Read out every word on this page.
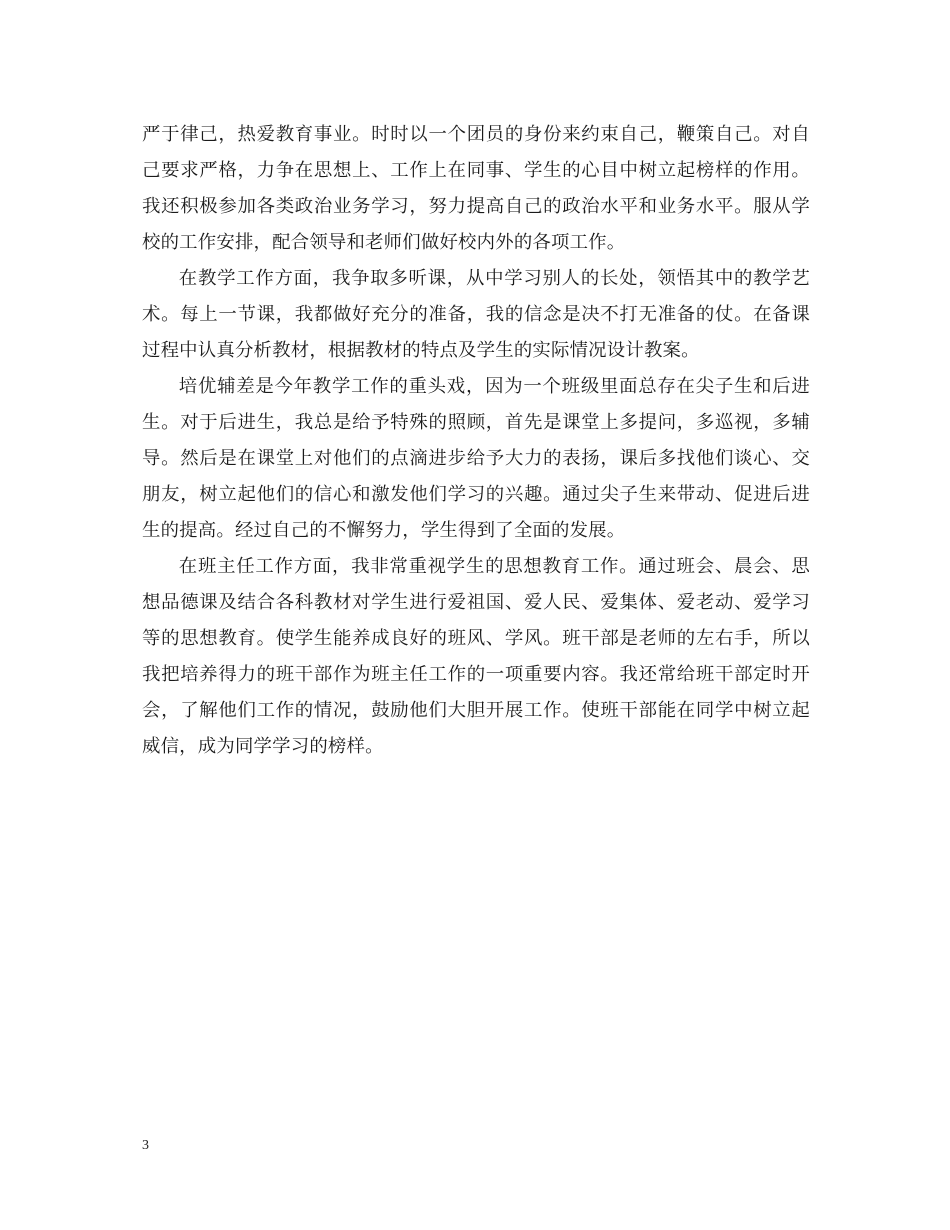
严于律己，热爱教育事业。时时以一个团员的身份来约束自己，鞭策自己。对自己要求严格，力争在思想上、工作上在同事、学生的心目中树立起榜样的作用。我还积极参加各类政治业务学习，努力提高自己的政治水平和业务水平。服从学校的工作安排，配合领导和老师们做好校内外的各项工作。

在教学工作方面，我争取多听课，从中学习别人的长处，领悟其中的教学艺术。每上一节课，我都做好充分的准备，我的信念是决不打无准备的仗。在备课过程中认真分析教材，根据教材的特点及学生的实际情况设计教案。

培优辅差是今年教学工作的重头戏，因为一个班级里面总存在尖子生和后进生。对于后进生，我总是给予特殊的照顾，首先是课堂上多提问，多巡视，多辅导。然后是在课堂上对他们的点滴进步给予大力的表扬，课后多找他们谈心、交朋友，树立起他们的信心和激发他们学习的兴趣。通过尖子生来带动、促进后进生的提高。经过自己的不懈努力，学生得到了全面的发展。

在班主任工作方面，我非常重视学生的思想教育工作。通过班会、晨会、思想品德课及结合各科教材对学生进行爱祖国、爱人民、爱集体、爱老动、爱学习等的思想教育。使学生能养成良好的班风、学风。班干部是老师的左右手，所以我把培养得力的班干部作为班主任工作的一项重要内容。我还常给班干部定时开会，了解他们工作的情况，鼓励他们大胆开展工作。使班干部能在同学中树立起威信，成为同学学习的榜样。

3
